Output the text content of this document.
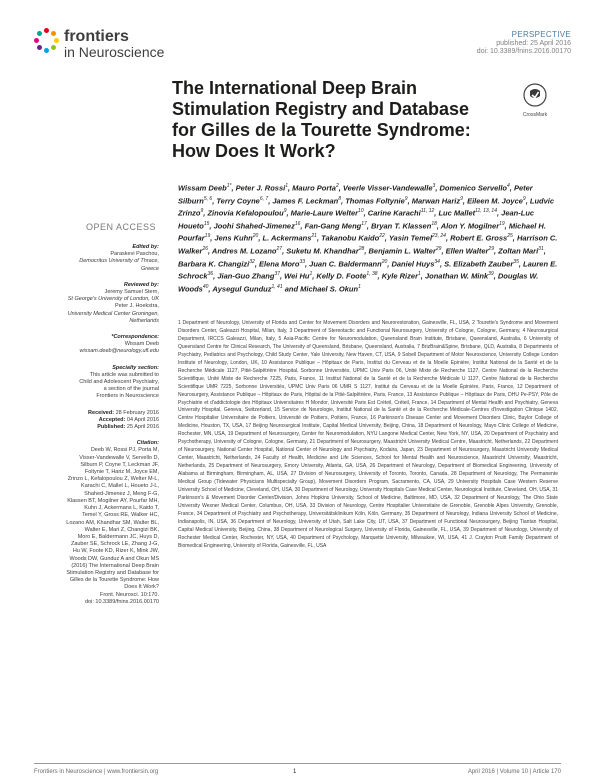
frontiers
in Neuroscience
PERSPECTIVE
published: 25 April 2016
doi: 10.3389/fnins.2016.00170
The International Deep Brain Stimulation Registry and Database for Gilles de la Tourette Syndrome: How Does It Work?
CrossMark
Wissam Deeb$^{1*}$, Peter J. Rossi$^1$, Mauro Porta$^2$, Veerle Visser-Vandewalle$^3$, Domenico Servello$^4$, Peter Silburn$^{5, 6}$, Terry Coyne$^{6, 7}$, James F. Leckman$^8$, Thomas Foltynie$^9$, Marwan Hariz$^9$, Eileen M. Joyce$^9$, Ludvic Zrinzo$^9$, Zinovia Kefalopoulou$^9$, Marie-Laure Welter$^{10}$, Carine Karachi$^{11, 12}$, Luc Mallet$^{11, 13, 14}$, Jean-Luc Houeto$^{15}$, Joohi Shahed-Jimenez$^{16}$, Fan-Gang Meng$^{17}$, Bryan T. Klassen$^{18}$, Alon Y. Mogilner$^{19}$, Michael H. Pourfar$^{19}$, Jens Kuhn$^{20}$, L. Ackermans$^{21}$, Takanobu Kaido$^{22}$, Yasin Temel$^{23, 24}$, Robert E. Gross$^{25}$, Harrison C. Walker$^{26}$, Andres M. Lozano$^{27}$, Suketu M. Khandhar$^{28}$, Benjamin L. Walter$^{29}$, Ellen Walter$^{29}$, Zoltan Mari$^{31}$, Barbara K. Changizi$^{32}$, Elena Moro$^{33}$, Juan C. Baldermann$^{20}$, Daniel Huys$^{34}$, S. Elizabeth Zauber$^{35}$, Lauren E. Schrock$^{36}$, Jian-Guo Zhang$^{37}$, Wei Hu$^1$, Kelly D. Foote$^{1, 38}$, Kyle Rizer$^1$, Jonathan W. Mink$^{39}$, Douglas W. Woods$^{40}$, Aysegul Gunduz$^{1, 41}$ and Michael S. Okun$^1$
1 Department of Neurology, University of Florida and Center for Movement Disorders and Neurorestoration, Gainesville, FL, USA, 2 Tourette's Syndrome and Movement Disorders Center, Galeazzi Hospital, Milan, Italy, 3 Department of Stereotactic and Functional Neurosurgery, University of Cologne, Cologne, Germany, 4 Neurosurgical Department, IRCCS Galeazzi, Milan, Italy, 5 Asia-Pacific Centre for Neuromodulation, Queensland Brain Institute, Brisbane, Queensland, Australia, 6 University of Queensland Centre for Clinical Research, The University of Queensland, Brisbane, Queensland, Australia, 7 BrizBrain&Spine, Brisbane, QLD, Australia, 8 Departments of Psychiatry, Pediatrics and Psychology, Child Study Center, Yale University, New Haven, CT, USA, 9 Sobell Department of Motor Neuroscience, University College London Institute of Neurology, London, UK, 10 Assistance Publique – Hôpitaux de Paris, Institut du Cerveau et de la Moelle Epinière, Institut National de la Santé et de la Recherche Médicale 1127, Pitié-Salpêtrière Hospital, Sorbonne Universités, UPMC Univ Paris 06, Unité Mixte de Recherche 1127, Centre National de la Recherche Scientifique, Unité Mixte de Recherche 7225, Paris, France, 11 Institut National de la Santé et de la Recherche Médicale U 1127, Centre National de la Recherche Scientifique UMR 7225, Sorbonne Universités, UPMC Univ Paris 06 UMR S 1127, Institut du Cerveau et de la Moelle Épinière, Paris, France, 12 Department of Neurosurgery, Assistance Publique – Hôpitaux de Paris, Hôpital de la Pitié-Salpêtrière, Paris, France, 13 Assistance Publique – Hôpitaux de Paris, DHU Pe-PSY, Pôle de Psychiatrie et d'addictologie des Hôpitaux Universitaires H Mondor, Université Paris Est Créteil, Créteil, France, 14 Department of Mental Health and Psychiatry, Geneva University Hospital, Geneva, Switzerland, 15 Service de Neurologie, Institut National de la Santé et de la Recherche Médicale-Centres d'Investigation Clinique 1402, Centre Hospitalier Universitaire de Poitiers, Université de Poitiers, Poitiers, France, 16 Parkinson's Disease Center and Movement Disorders Clinic, Baylor College of Medicine, Houston, TX, USA, 17 Beijing Neurosurgical Institute, Capital Medical University, Beijing, China, 18 Department of Neurology, Mayo Clinic College of Medicine, Rochester, MN, USA, 19 Department of Neurosurgery, Center for Neuromodulation, NYU Langone Medical Center, New York, NY, USA, 20 Department of Psychiatry and Psychotherapy, University of Cologne, Cologne, Germany, 21 Department of Neurosurgery, Maastricht University Medical Centre, Maastricht, Netherlands, 22 Department of Neurosurgery, National Center Hospital, National Center of Neurology and Psychiatry, Kodaira, Japan, 23 Department of Neurosurgery, Maastricht University Medical Center, Maastricht, Netherlands, 24 Faculty of Health, Medicine and Life Sciences, School for Mental Health and Neuroscience, Maastricht University, Maastricht, Netherlands, 25 Department of Neurosurgery, Emory University, Atlanta, GA, USA, 26 Department of Neurology, Department of Biomedical Engineering, University of Alabama at Birmingham, Birmingham, AL, USA, 27 Division of Neurosurgery, University of Toronto, Toronto, Canada, 28 Department of Neurology, The Permanente Medical Group (Tidewater Physicians Multispecialty Group), Movement Disorders Program, Sacramento, CA, USA, 29 University Hospitals Case Western Reserve University School of Medicine, Cleveland, OH, USA, 30 Department of Neurology, University Hospitals Case Medical Center, Neurological Institute, Cleveland, OH, USA, 31 Parkinson's & Movement Disorder Center/Division, Johns Hopkins University, School of Medicine, Baltimore, MD, USA, 32 Department of Neurology, The Ohio State University Wexner Medical Center, Columbus, OH, USA, 33 Division of Neurology, Centre Hospitalier Universitaire de Grenoble, Grenoble Alpes University, Grenoble, France, 34 Department of Psychiatry and Psychotherapy, Universitätsklinikum Köln, Köln, Germany, 35 Department of Neurology, Indiana University School of Medicine, Indianapolis, IN, USA, 36 Department of Neurology, University of Utah, Salt Lake City, UT, USA, 37 Department of Functional Neurosurgery, Beijing Tiantan Hospital, Capital Medical University, Beijing, China, 38 Department of Neurological Surgery, University of Florida, Gainesville, FL, USA, 39 Department of Neurology, University of Rochester Medical Center, Rochester, NY, USA, 40 Department of Psychology, Marquette University, Milwaukee, WI, USA, 41 J. Crayton Pruitt Family Department of Biomedical Engineering, University of Florida, Gainesville, FL, USA
OPEN ACCESS
Edited by:
Paraskevi Paschou,
Democritus University of Thrace,
Greece
Reviewed by:
Jeremy Samuel Stern,
St George's University of London, UK
Peter J. Hoekstra,
University Medical Center Groningen,
Netherlands
*Correspondence:
Wissam Deeb
wissam.deeb@neurology.ufl.edu
Specialty section:
This article was submitted to
Child and Adolescent Psychiatry,
a section of the journal
Frontiers in Neuroscience
Received: 28 February 2016
Accepted: 04 April 2016
Published: 25 April 2016
Citation:
Deeb W, Rossi PJ, Porta M,
Visser-Vandewalle V, Servello D,
Silburn P, Coyne T, Leckman JF,
Foltynie T, Hariz M, Joyce EM,
Zrinzo L, Kefalopoulou Z, Welter M-L,
Karachi C, Mallet L, Houeto J-L,
Shahed-Jimenez J, Meng F-G,
Klassen BT, Mogilner AY, Pourfar MH,
Kuhn J, Ackermans L, Kaido T,
Temel Y, Gross RE, Walker HC,
Lozano AM, Khandhar SM, Walter BL,
Walter E, Mari Z, Changizi BK,
Moro E, Baldermann JC, Huys D,
Zauber SE, Schrock LE, Zhang J-G,
Hu W, Foote KD, Rizer K, Mink JW,
Woods DW, Gunduz A and Okun MS
(2016) The International Deep Brain
Stimulation Registry and Database for
Gilles de la Tourette Syndrome: How
Does It Work?
Front. Neurosci. 10:170.
doi: 10.3389/fnins.2016.00170
Frontiers in Neuroscience | www.frontiersin.org	1	April 2016 | Volume 10 | Article 170
